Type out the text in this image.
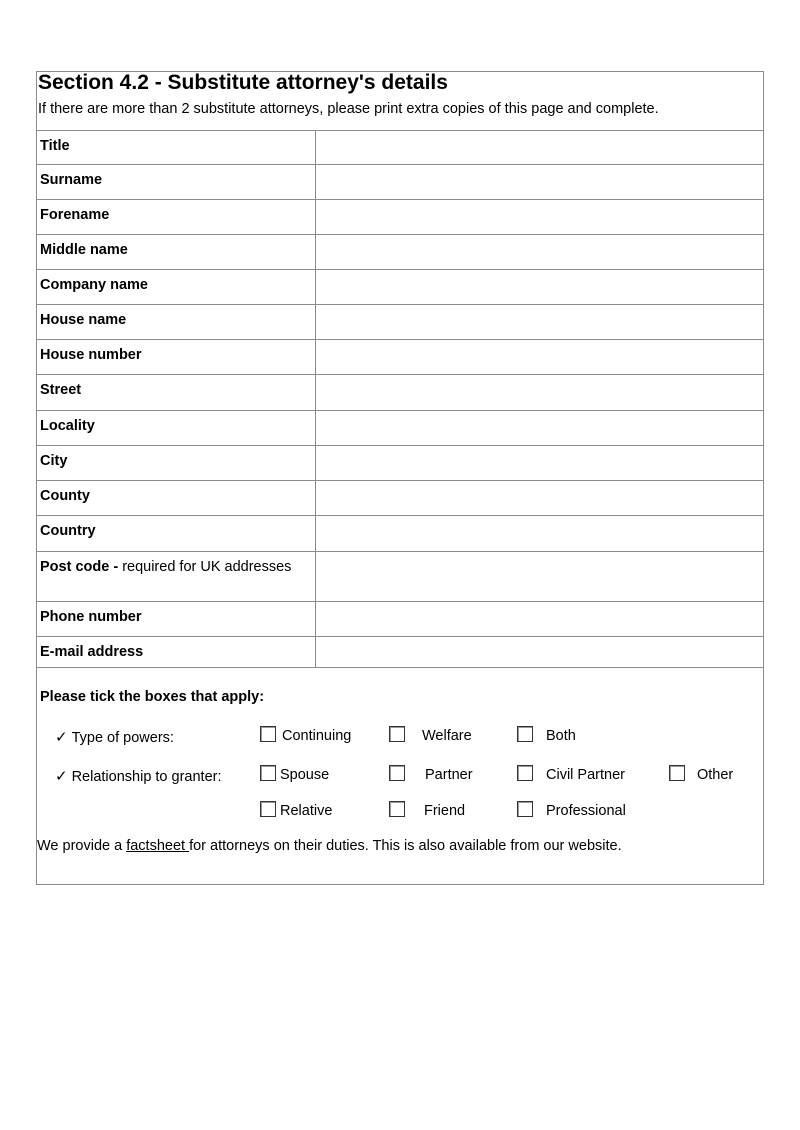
Section 4.2 - Substitute attorney's details
If there are more than 2 substitute attorneys, please print extra copies of this page and complete.
Title
Surname
Forename
Middle name
Company name
House name
House number
Street
Locality
City
County
Country
Post code - required for UK addresses
Phone number
E-mail address
Please tick the boxes that apply:
✓ Type of powers:	Continuing	Welfare	Both
✓ Relationship to granter:	Spouse	Partner	Civil Partner	Other
Relative	Friend	Professional
We provide a factsheet for attorneys on their duties. This is also available from our website.
